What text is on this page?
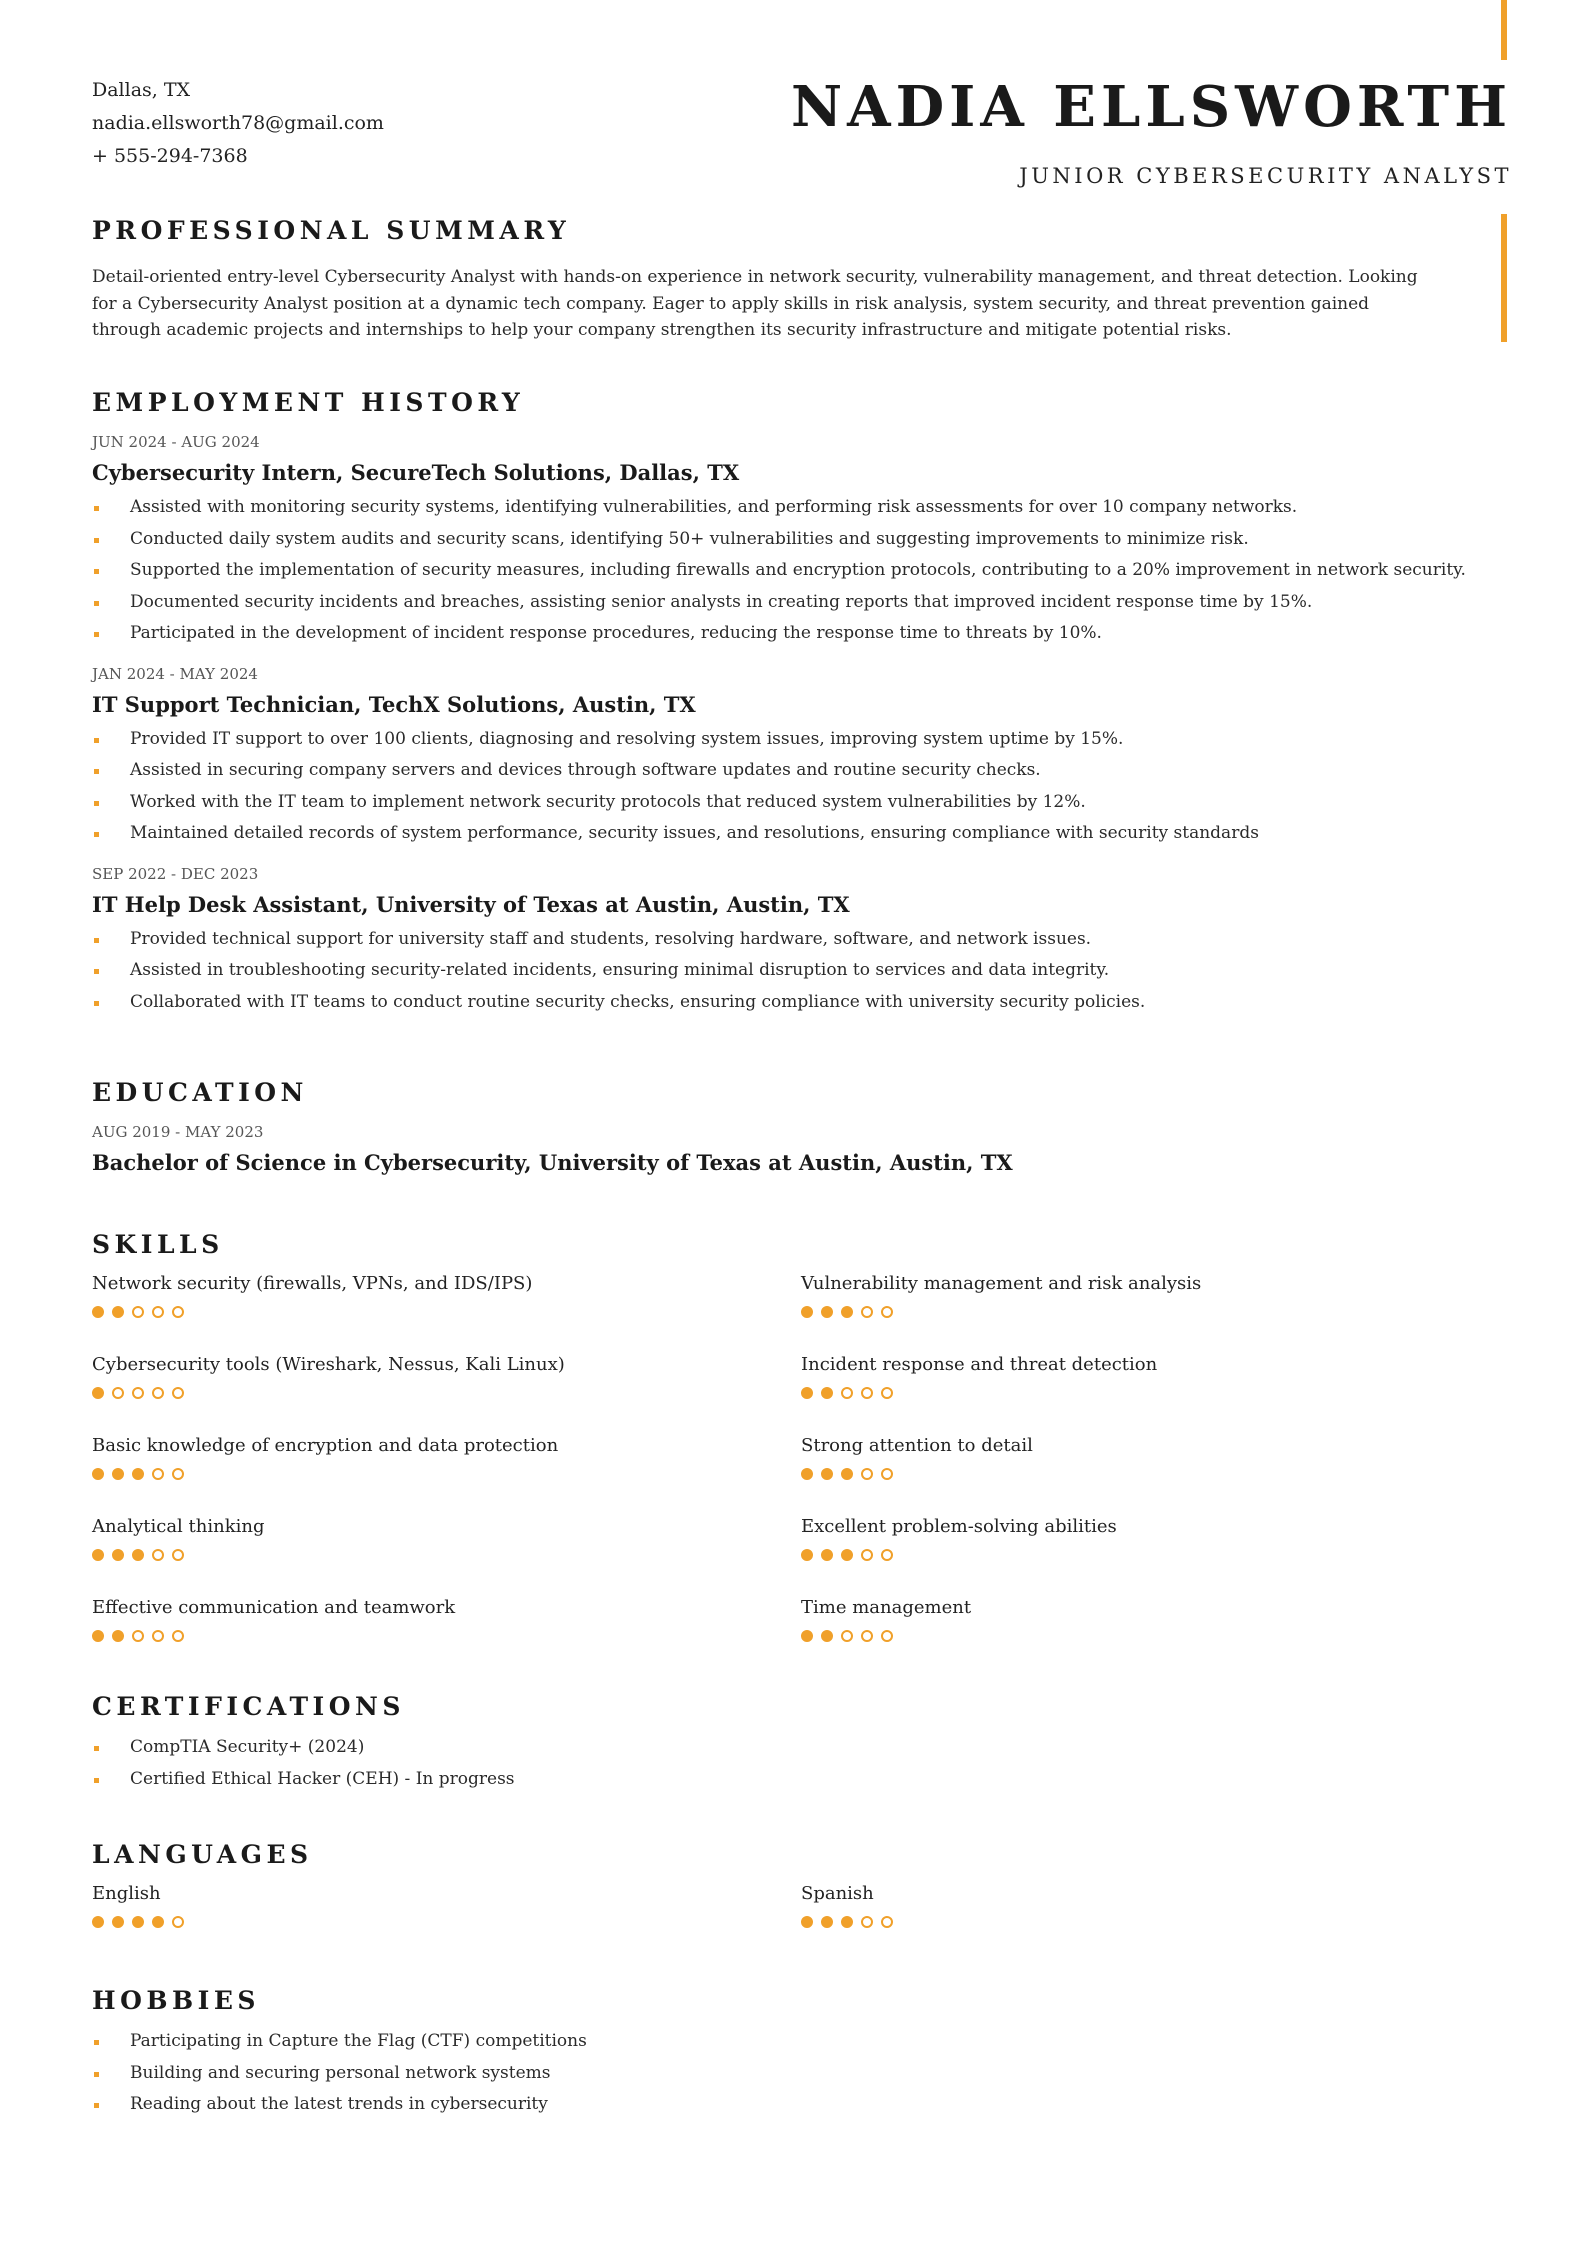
Dallas, TX
nadia.ellsworth78@gmail.com
+ 555-294-7368
NADIA ELLSWORTH
JUNIOR CYBERSECURITY ANALYST
PROFESSIONAL SUMMARY
Detail-oriented entry-level Cybersecurity Analyst with hands-on experience in network security, vulnerability management, and threat detection. Looking for a Cybersecurity Analyst position at a dynamic tech company. Eager to apply skills in risk analysis, system security, and threat prevention gained through academic projects and internships to help your company strengthen its security infrastructure and mitigate potential risks.
EMPLOYMENT HISTORY
JUN 2024 - AUG 2024
Cybersecurity Intern, SecureTech Solutions, Dallas, TX
Assisted with monitoring security systems, identifying vulnerabilities, and performing risk assessments for over 10 company networks.
Conducted daily system audits and security scans, identifying 50+ vulnerabilities and suggesting improvements to minimize risk.
Supported the implementation of security measures, including firewalls and encryption protocols, contributing to a 20% improvement in network security.
Documented security incidents and breaches, assisting senior analysts in creating reports that improved incident response time by 15%.
Participated in the development of incident response procedures, reducing the response time to threats by 10%.
JAN 2024 - MAY 2024
IT Support Technician, TechX Solutions, Austin, TX
Provided IT support to over 100 clients, diagnosing and resolving system issues, improving system uptime by 15%.
Assisted in securing company servers and devices through software updates and routine security checks.
Worked with the IT team to implement network security protocols that reduced system vulnerabilities by 12%.
Maintained detailed records of system performance, security issues, and resolutions, ensuring compliance with security standards
SEP 2022 - DEC 2023
IT Help Desk Assistant, University of Texas at Austin, Austin, TX
Provided technical support for university staff and students, resolving hardware, software, and network issues.
Assisted in troubleshooting security-related incidents, ensuring minimal disruption to services and data integrity.
Collaborated with IT teams to conduct routine security checks, ensuring compliance with university security policies.
EDUCATION
AUG 2019 - MAY 2023
Bachelor of Science in Cybersecurity, University of Texas at Austin, Austin, TX
SKILLS
Network security (firewalls, VPNs, and IDS/IPS)	Vulnerability management and risk analysis
Cybersecurity tools (Wireshark, Nessus, Kali Linux)	Incident response and threat detection
Basic knowledge of encryption and data protection	Strong attention to detail
Analytical thinking	Excellent problem-solving abilities
Effective communication and teamwork	Time management
CERTIFICATIONS
CompTIA Security+ (2024)
Certified Ethical Hacker (CEH) - In progress
LANGUAGES
English	Spanish
HOBBIES
Participating in Capture the Flag (CTF) competitions
Building and securing personal network systems
Reading about the latest trends in cybersecurity
